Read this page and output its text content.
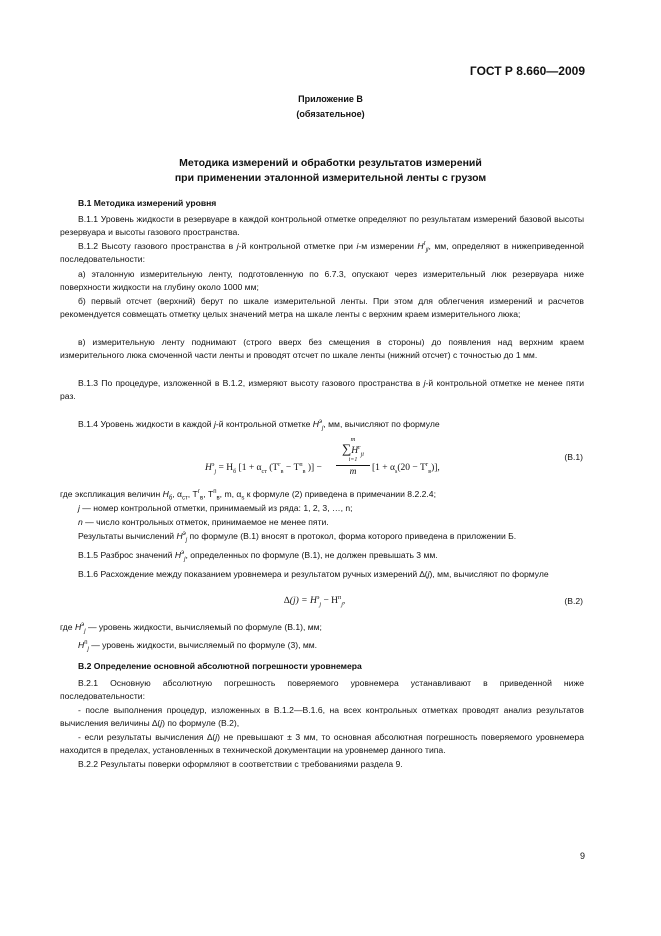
ГОСТ Р 8.660—2009
Приложение В
(обязательное)
Методика измерений и обработки результатов измерений
при применении эталонной измерительной ленты с грузом
В.1 Методика измерений уровня
В.1.1 Уровень жидкости в резервуаре в каждой контрольной отметке определяют по результатам измерений базовой высоты резервуара и высоты газового пространства.
В.1.2 Высоту газового пространства в j-й контрольной отметке при i-м измерении $H^г_{ji}$, мм, определяют в нижеприведенной последовательности:
а) эталонную измерительную ленту, подготовленную по 6.7.3, опускают через измерительный люк резервуара ниже поверхности жидкости на глубину около 1000 мм;
б) первый отсчет (верхний) берут по шкале измерительной ленты. При этом для облегчения измерений и расчетов рекомендуется совмещать отметку целых значений метра на шкале ленты с верхним краем измерительного люка;
в) измерительную ленту поднимают (строго вверх без смещения в стороны) до появления над верхним краем измерительного люка смоченной части ленты и проводят отсчет по шкале ленты (нижний отсчет) с точностью до 1 мм.
В.1.3 По процедуре, изложенной в В.1.2, измеряют высоту газового пространства в j-й контрольной отметке не менее пяти раз.
В.1.4 Уровень жидкости в каждой j-й контрольной отметке $H^э_j$, мм, вычисляют по формуле
$H^э_j = H_б$ [$1 + \alpha_{ст}$ ($T^г_в - T^п_в$ )] −
m
$\sum H^г_{ji}$
i=1
m	$[1 + \alpha_s(20 - T^г_в)]$,
(В.1)
где экспликация величин $H_б$, $\alpha_{ст}$, $T^г_в$, $T^п_в$, m, $\alpha_s$ к формуле (2) приведена в примечании 8.2.2.4;
j — номер контрольной отметки, принимаемый из ряда: 1, 2, 3, …, n;
n — число контрольных отметок, принимаемое не менее пяти.
Результаты вычислений $H^э_j$ по формуле (В.1) вносят в протокол, форма которого приведена в приложении Б.
В.1.5 Разброс значений $H^э_j$, определенных по формуле (В.1), не должен превышать 3 мм.
В.1.6 Расхождение между показанием уровнемера и результатом ручных измерений ∆(j), мм, вычисляют по формуле
$\Delta(j) = H^э_j - H^п_j$,	(В.2)
где $H^э_j$ — уровень жидкости, вычисляемый по формуле (В.1), мм;
$H^п_j$ — уровень жидкости, вычисляемый по формуле (3), мм.
В.2 Определение основной абсолютной погрешности уровнемера
В.2.1 Основную абсолютную погрешность поверяемого уровнемера устанавливают в приведенной ниже последовательности:
- после выполнения процедур, изложенных в В.1.2—В.1.6, на всех контрольных отметках проводят анализ результатов вычисления величины ∆(j) по формуле (В.2),
- если результаты вычисления ∆(j) не превышают ± 3 мм, то основная абсолютная погрешность поверяемого уровнемера находится в пределах, установленных в технической документации на уровнемер данного типа.
В.2.2 Результаты поверки оформляют в соответствии с требованиями раздела 9.
9
